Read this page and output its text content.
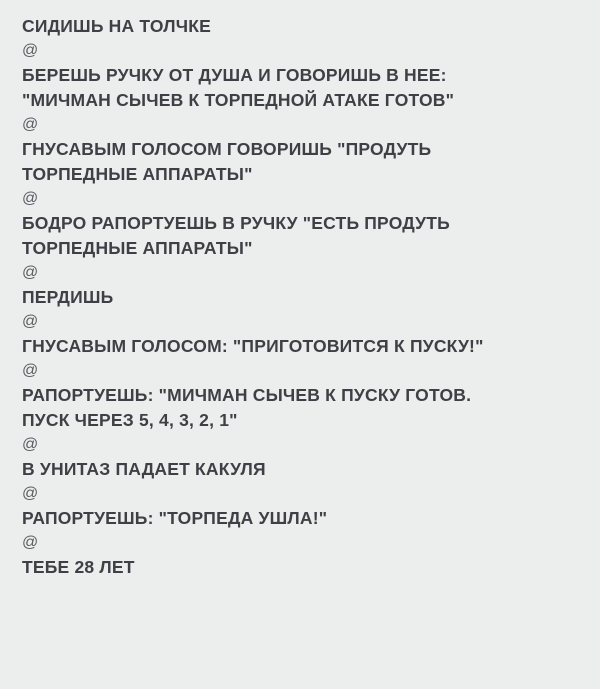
СИДИШЬ НА ТОЛЧКЕ
@
БЕРЕШЬ РУЧКУ ОТ ДУША И ГОВОРИШЬ В НЕЕ:
"МИЧМАН СЫЧЕВ К ТОРПЕДНОЙ АТАКЕ ГОТОВ"
@
ГНУСАВЫМ ГОЛОСОМ ГОВОРИШЬ "ПРОДУТЬ
ТОРПЕДНЫЕ АППАРАТЫ"
@
БОДРО РАПОРТУЕШЬ В РУЧКУ "ЕСТЬ ПРОДУТЬ
ТОРПЕДНЫЕ АППАРАТЫ"
@
ПЕРДИШЬ
@
ГНУСАВЫМ ГОЛОСОМ: "ПРИГОТОВИТСЯ К ПУСКУ!"
@
РАПОРТУЕШЬ: "МИЧМАН СЫЧЕВ К ПУСКУ ГОТОВ.
ПУСК ЧЕРЕЗ 5, 4, 3, 2, 1"
@
В УНИТАЗ ПАДАЕТ КАКУЛЯ
@
РАПОРТУЕШЬ: "ТОРПЕДА УШЛА!"
@
ТЕБЕ 28 ЛЕТ
